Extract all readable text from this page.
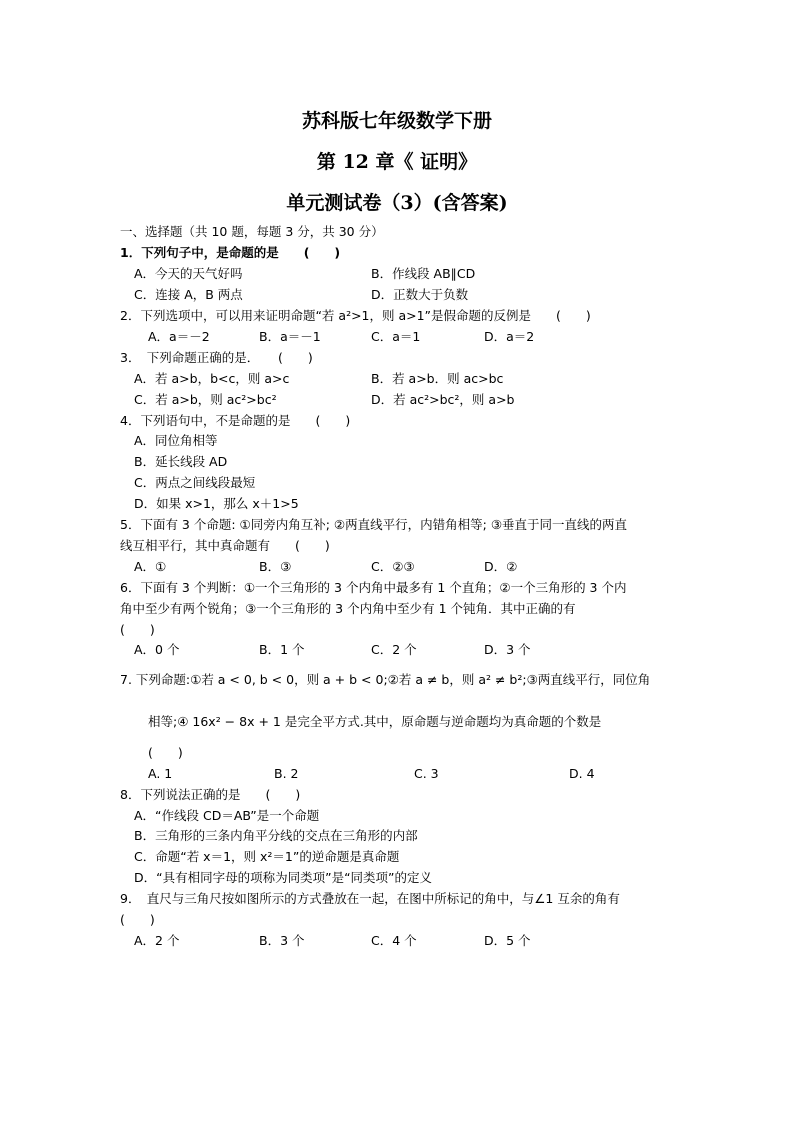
苏科版七年级数学下册
第 12 章《 证明》
单元测试卷（3）(含答案)
一、选择题（共 10 题，每题 3 分，共 30 分）
1．下列句子中，是命题的是　　(　　)
A．今天的天气好吗	B．作线段 AB∥CD
C．连接 A，B 两点	D．正数大于负数
2．下列选项中，可以用来证明命题“若 a²>1，则 a>1”是假命题的反例是　　(　　)
A．a＝－2	B．a＝－1	C．a＝1	D．a＝2
3．　下列命题正确的是．　　(　　)
A．若 a>b，b<c，则 a>c	B．若 a>b．则 ac>bc
C．若 a>b，则 ac²>bc²	D．若 ac²>bc²，则 a>b
4．下列语句中，不是命题的是　　(　　)
A．同位角相等
B．延长线段 AD
C．两点之间线段最短
D．如果 x>1，那么 x＋1>5
5．下面有 3 个命题: ①同旁内角互补; ②两直线平行，内错角相等; ③垂直于同一直线的两直
线互相平行，其中真命题有　　(　　)
A．①	B．③	C．②③	D．②
6．下面有 3 个判断：①一个三角形的 3 个内角中最多有 1 个直角；②一个三角形的 3 个内
角中至少有两个锐角；③一个三角形的 3 个内角中至少有 1 个钝角．其中正确的有
(　　)
A．0 个	B．1 个	C．2 个	D．3 个
7. 下列命题:①若 a < 0, b < 0，则 a + b < 0;②若 a ≠ b，则 a² ≠ b²;③两直线平行，同位角
相等;④ 16x² − 8x + 1 是完全平方式.其中，原命题与逆命题均为真命题的个数是
(　　)
A. 1	B. 2	C. 3	D. 4
8．下列说法正确的是　　(　　)
A．“作线段 CD＝AB”是一个命题
B．三角形的三条内角平分线的交点在三角形的内部
C．命题“若 x＝1，则 x²＝1”的逆命题是真命题
D．“具有相同字母的项称为同类项”是“同类项”的定义
9．　直尺与三角尺按如图所示的方式叠放在一起，在图中所标记的角中，与∠1 互余的角有
(　　)
A．2 个	B．3 个	C．4 个	D．5 个
